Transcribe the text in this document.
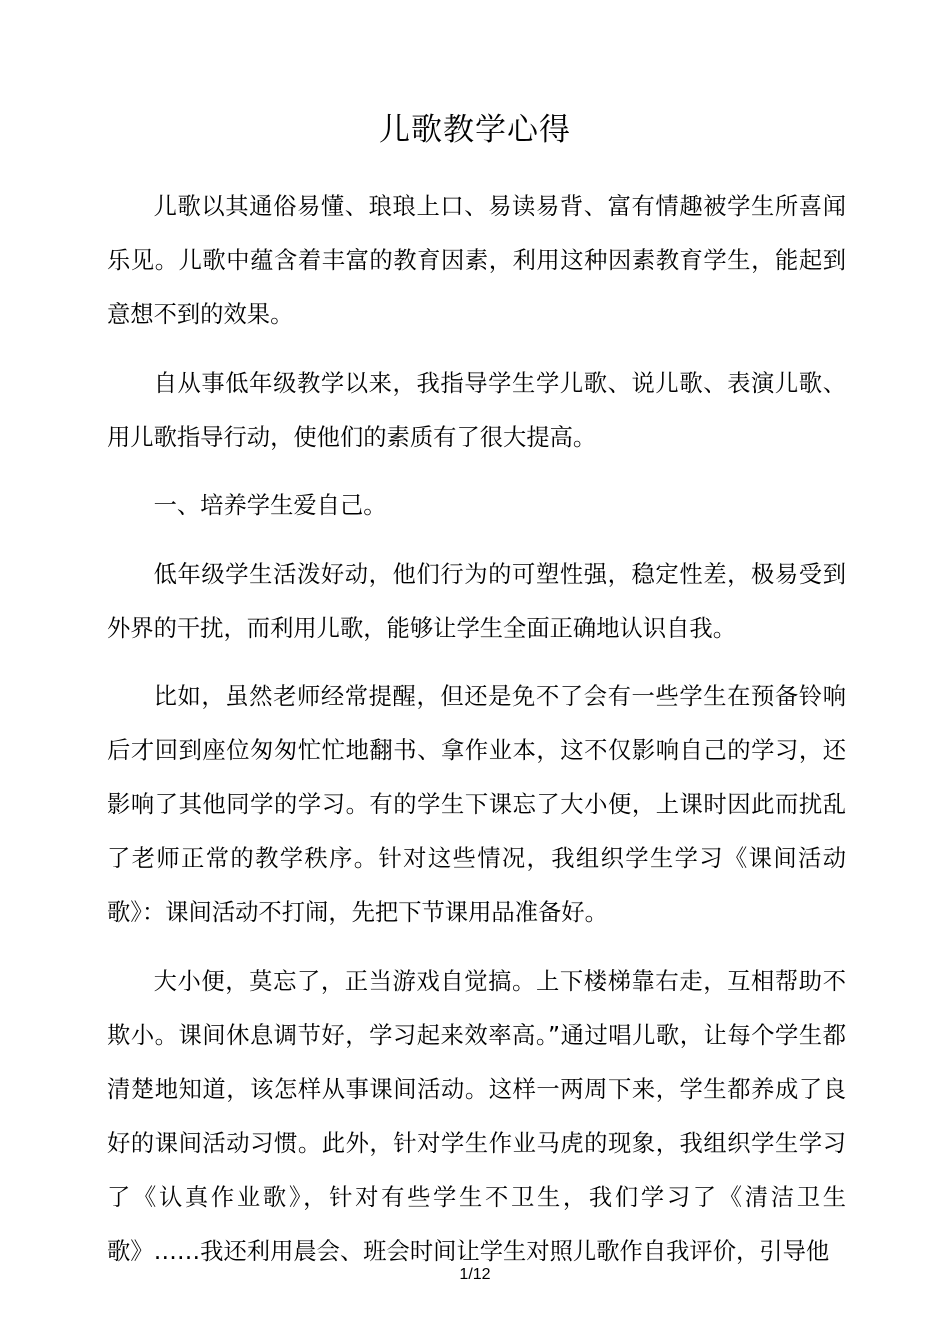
儿歌教学心得

儿歌以其通俗易懂、琅琅上口、易读易背、富有情趣被学生所喜闻乐见。儿歌中蕴含着丰富的教育因素，利用这种因素教育学生，能起到意想不到的效果。

自从事低年级教学以来，我指导学生学儿歌、说儿歌、表演儿歌、用儿歌指导行动，使他们的素质有了很大提高。

一、培养学生爱自己。

低年级学生活泼好动，他们行为的可塑性强，稳定性差，极易受到外界的干扰，而利用儿歌，能够让学生全面正确地认识自我。

比如，虽然老师经常提醒，但还是免不了会有一些学生在预备铃响后才回到座位匆匆忙忙地翻书、拿作业本，这不仅影响自己的学习，还影响了其他同学的学习。有的学生下课忘了大小便，上课时因此而扰乱了老师正常的教学秩序。针对这些情况，我组织学生学习《课间活动歌》：课间活动不打闹，先把下节课用品准备好。

大小便，莫忘了，正当游戏自觉搞。上下楼梯靠右走，互相帮助不欺小。课间休息调节好，学习起来效率高。”通过唱儿歌，让每个学生都清楚地知道，该怎样从事课间活动。这样一两周下来，学生都养成了良好的课间活动习惯。此外，针对学生作业马虎的现象，我组织学生学习了《认真作业歌》，针对有些学生不卫生，我们学习了《清洁卫生歌》……我还利用晨会、班会时间让学生对照儿歌作自我评价，引导他

1/12
